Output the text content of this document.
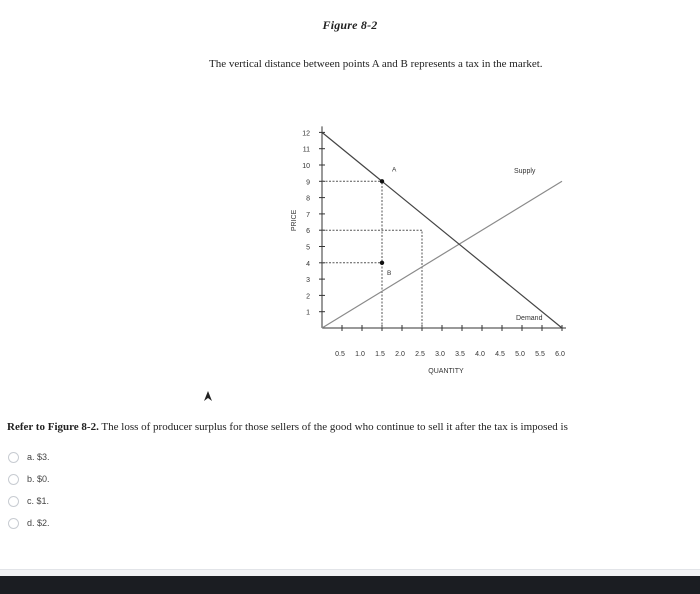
Figure 8-2
The vertical distance between points A and B represents a tax in the market.
1
2
3
4
5
6
7
8
9
10
11
12
0.5 1.0 1.5 2.0 2.5 3.0 3.5 4.0 4.5 5.0 5.5 6.0
QUANTITY
PRICE
Supply
Demand
A
B
Refer to Figure 8-2. The loss of producer surplus for those sellers of the good who continue to sell it after the tax is imposed is
a. $3.
b. $0.
c. $1.
d. $2.
